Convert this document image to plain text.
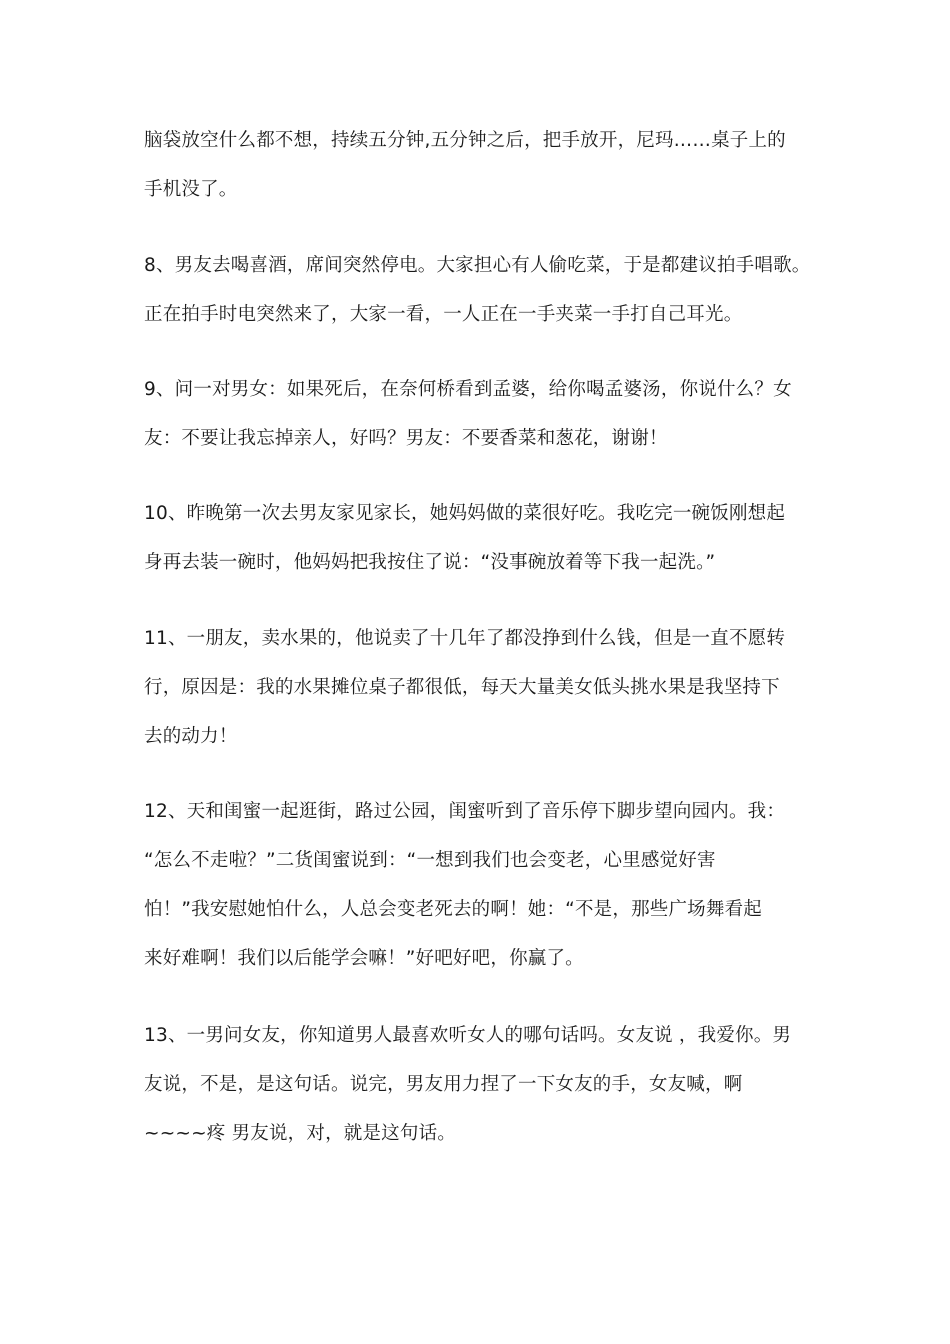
脑袋放空什么都不想，持续五分钟,五分钟之后，把手放开，尼玛……桌子上的
手机没了。
8、男友去喝喜酒，席间突然停电。大家担心有人偷吃菜，于是都建议拍手唱歌。
正在拍手时电突然来了，大家一看，一人正在一手夹菜一手打自己耳光。
9、问一对男女：如果死后，在奈何桥看到孟婆，给你喝孟婆汤，你说什么？女
友：不要让我忘掉亲人，好吗？男友：不要香菜和葱花，谢谢！
10、昨晚第一次去男友家见家长，她妈妈做的菜很好吃。我吃完一碗饭刚想起
身再去装一碗时，他妈妈把我按住了说：“没事碗放着等下我一起洗。”
11、一朋友，卖水果的，他说卖了十几年了都没挣到什么钱，但是一直不愿转
行，原因是：我的水果摊位桌子都很低，每天大量美女低头挑水果是我坚持下
去的动力！
12、天和闺蜜一起逛街，路过公园，闺蜜听到了音乐停下脚步望向园内。我：
“怎么不走啦？”二货闺蜜说到：“一想到我们也会变老，心里感觉好害
怕！”我安慰她怕什么，人总会变老死去的啊！她：“不是，那些广场舞看起
来好难啊！我们以后能学会嘛！”好吧好吧，你赢了。
13、一男问女友，你知道男人最喜欢听女人的哪句话吗。女友说 ，我爱你。男
友说，不是，是这句话。说完，男友用力捏了一下女友的手，女友喊，啊
~~~~疼 男友说，对，就是这句话。
